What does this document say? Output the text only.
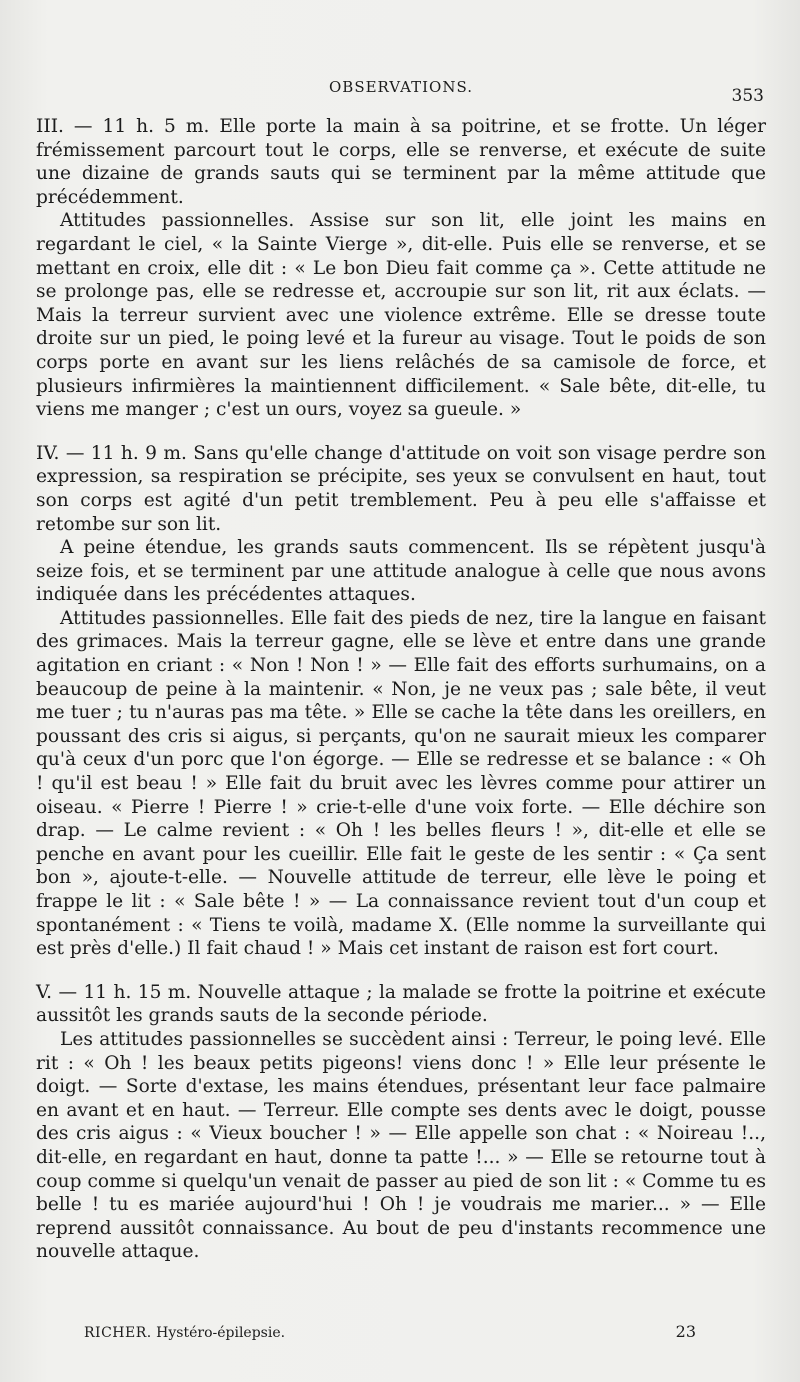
OBSERVATIONS.	353

III. — 11 h. 5 m. Elle porte la main à sa poitrine, et se frotte. Un léger frémissement parcourt tout le corps, elle se renverse, et exécute de suite une dizaine de grands sauts qui se terminent par la même attitude que précédemment.

Attitudes passionnelles. Assise sur son lit, elle joint les mains en regardant le ciel, « la Sainte Vierge », dit-elle. Puis elle se renverse, et se mettant en croix, elle dit : « Le bon Dieu fait comme ça ». Cette attitude ne se prolonge pas, elle se redresse et, accroupie sur son lit, rit aux éclats. — Mais la terreur survient avec une violence extrême. Elle se dresse toute droite sur un pied, le poing levé et la fureur au visage. Tout le poids de son corps porte en avant sur les liens relâchés de sa camisole de force, et plusieurs infirmières la maintiennent difficilement. « Sale bête, dit-elle, tu viens me manger ; c'est un ours, voyez sa gueule. »

IV. — 11 h. 9 m. Sans qu'elle change d'attitude on voit son visage perdre son expression, sa respiration se précipite, ses yeux se convulsent en haut, tout son corps est agité d'un petit tremblement. Peu à peu elle s'affaisse et retombe sur son lit.

A peine étendue, les grands sauts commencent. Ils se répètent jusqu'à seize fois, et se terminent par une attitude analogue à celle que nous avons indiquée dans les précédentes attaques.

Attitudes passionnelles. Elle fait des pieds de nez, tire la langue en faisant des grimaces. Mais la terreur gagne, elle se lève et entre dans une grande agitation en criant : « Non ! Non ! » — Elle fait des efforts surhumains, on a beaucoup de peine à la maintenir. « Non, je ne veux pas ; sale bête, il veut me tuer ; tu n'auras pas ma tête. » Elle se cache la tête dans les oreillers, en poussant des cris si aigus, si perçants, qu'on ne saurait mieux les comparer qu'à ceux d'un porc que l'on égorge. — Elle se redresse et se balance : « Oh ! qu'il est beau ! » Elle fait du bruit avec les lèvres comme pour attirer un oiseau. « Pierre ! Pierre ! » crie-t-elle d'une voix forte. — Elle déchire son drap. — Le calme revient : « Oh ! les belles fleurs ! », dit-elle et elle se penche en avant pour les cueillir. Elle fait le geste de les sentir : « Ça sent bon », ajoute-t-elle. — Nouvelle attitude de terreur, elle lève le poing et frappe le lit : « Sale bête ! » — La connaissance revient tout d'un coup et spontanément : « Tiens te voilà, madame X. (Elle nomme la surveillante qui est près d'elle.) Il fait chaud ! » Mais cet instant de raison est fort court.

V. — 11 h. 15 m. Nouvelle attaque ; la malade se frotte la poitrine et exécute aussitôt les grands sauts de la seconde période.

Les attitudes passionnelles se succèdent ainsi : Terreur, le poing levé. Elle rit : « Oh ! les beaux petits pigeons! viens donc ! » Elle leur présente le doigt. — Sorte d'extase, les mains étendues, présentant leur face palmaire en avant et en haut. — Terreur. Elle compte ses dents avec le doigt, pousse des cris aigus : « Vieux boucher ! » — Elle appelle son chat : « Noireau !.., dit-elle, en regardant en haut, donne ta patte !... » — Elle se retourne tout à coup comme si quelqu'un venait de passer au pied de son lit : « Comme tu es belle ! tu es mariée aujourd'hui ! Oh ! je voudrais me marier... » — Elle reprend aussitôt connaissance. Au bout de peu d'instants recommence une nouvelle attaque.

RICHER. Hystéro-épilepsie.	23
